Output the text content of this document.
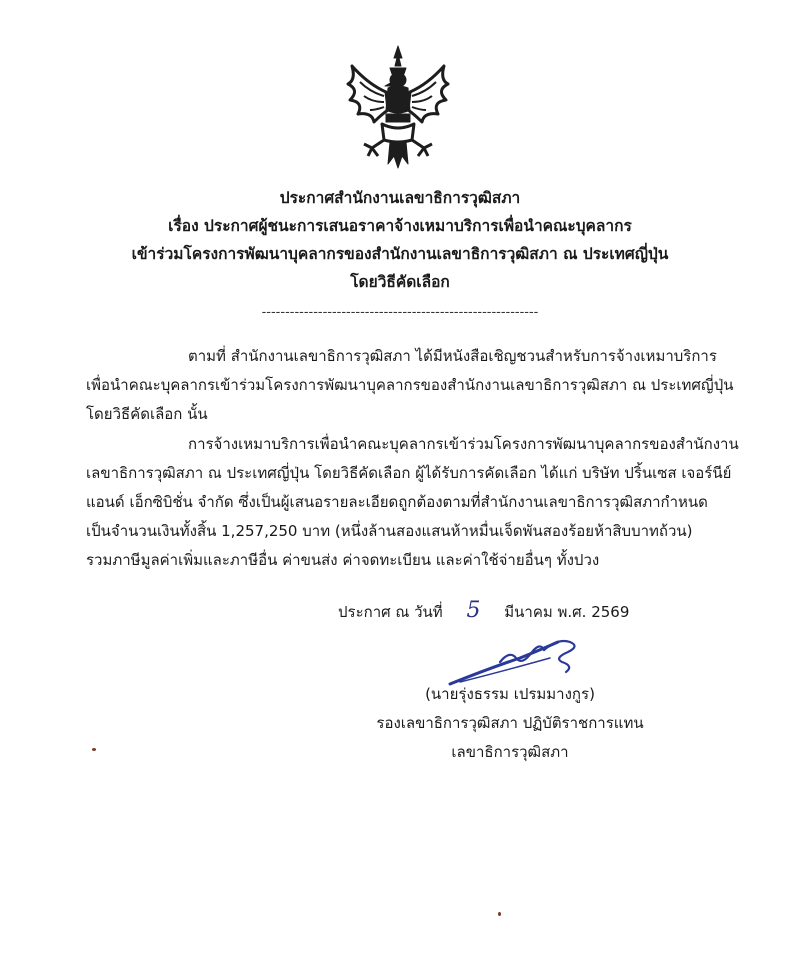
ประกาศสำนักงานเลขาธิการวุฒิสภา
เรื่อง ประกาศผู้ชนะการเสนอราคาจ้างเหมาบริการเพื่อนำคณะบุคลากร
เข้าร่วมโครงการพัฒนาบุคลากรของสำนักงานเลขาธิการวุฒิสภา ณ ประเทศญี่ปุ่น
โดยวิธีคัดเลือก
-----------------------------------------------------------
ตามที่ สำนักงานเลขาธิการวุฒิสภา ได้มีหนังสือเชิญชวนสำหรับการจ้างเหมาบริการ
เพื่อนำคณะบุคลากรเข้าร่วมโครงการพัฒนาบุคลากรของสำนักงานเลขาธิการวุฒิสภา ณ ประเทศญี่ปุ่น
โดยวิธีคัดเลือก นั้น
การจ้างเหมาบริการเพื่อนำคณะบุคลากรเข้าร่วมโครงการพัฒนาบุคลากรของสำนักงาน
เลขาธิการวุฒิสภา ณ ประเทศญี่ปุ่น โดยวิธีคัดเลือก ผู้ได้รับการคัดเลือก ได้แก่ บริษัท ปริ้นเซส เจอร์นีย์
แอนด์ เอ็กซิบิชั่น จำกัด ซึ่งเป็นผู้เสนอรายละเอียดถูกต้องตามที่สำนักงานเลขาธิการวุฒิสภากำหนด
เป็นจำนวนเงินทั้งสิ้น 1,257,250 บาท (หนึ่งล้านสองแสนห้าหมื่นเจ็ดพันสองร้อยห้าสิบบาทถ้วน)
รวมภาษีมูลค่าเพิ่มและภาษีอื่น ค่าขนส่ง ค่าจดทะเบียน และค่าใช้จ่ายอื่นๆ ทั้งปวง
ประกาศ ณ วันที่ 5 มีนาคม พ.ศ. 2569
(นายรุ่งธรรม เปรมมางกูร)
รองเลขาธิการวุฒิสภา ปฏิบัติราชการแทน
เลขาธิการวุฒิสภา
